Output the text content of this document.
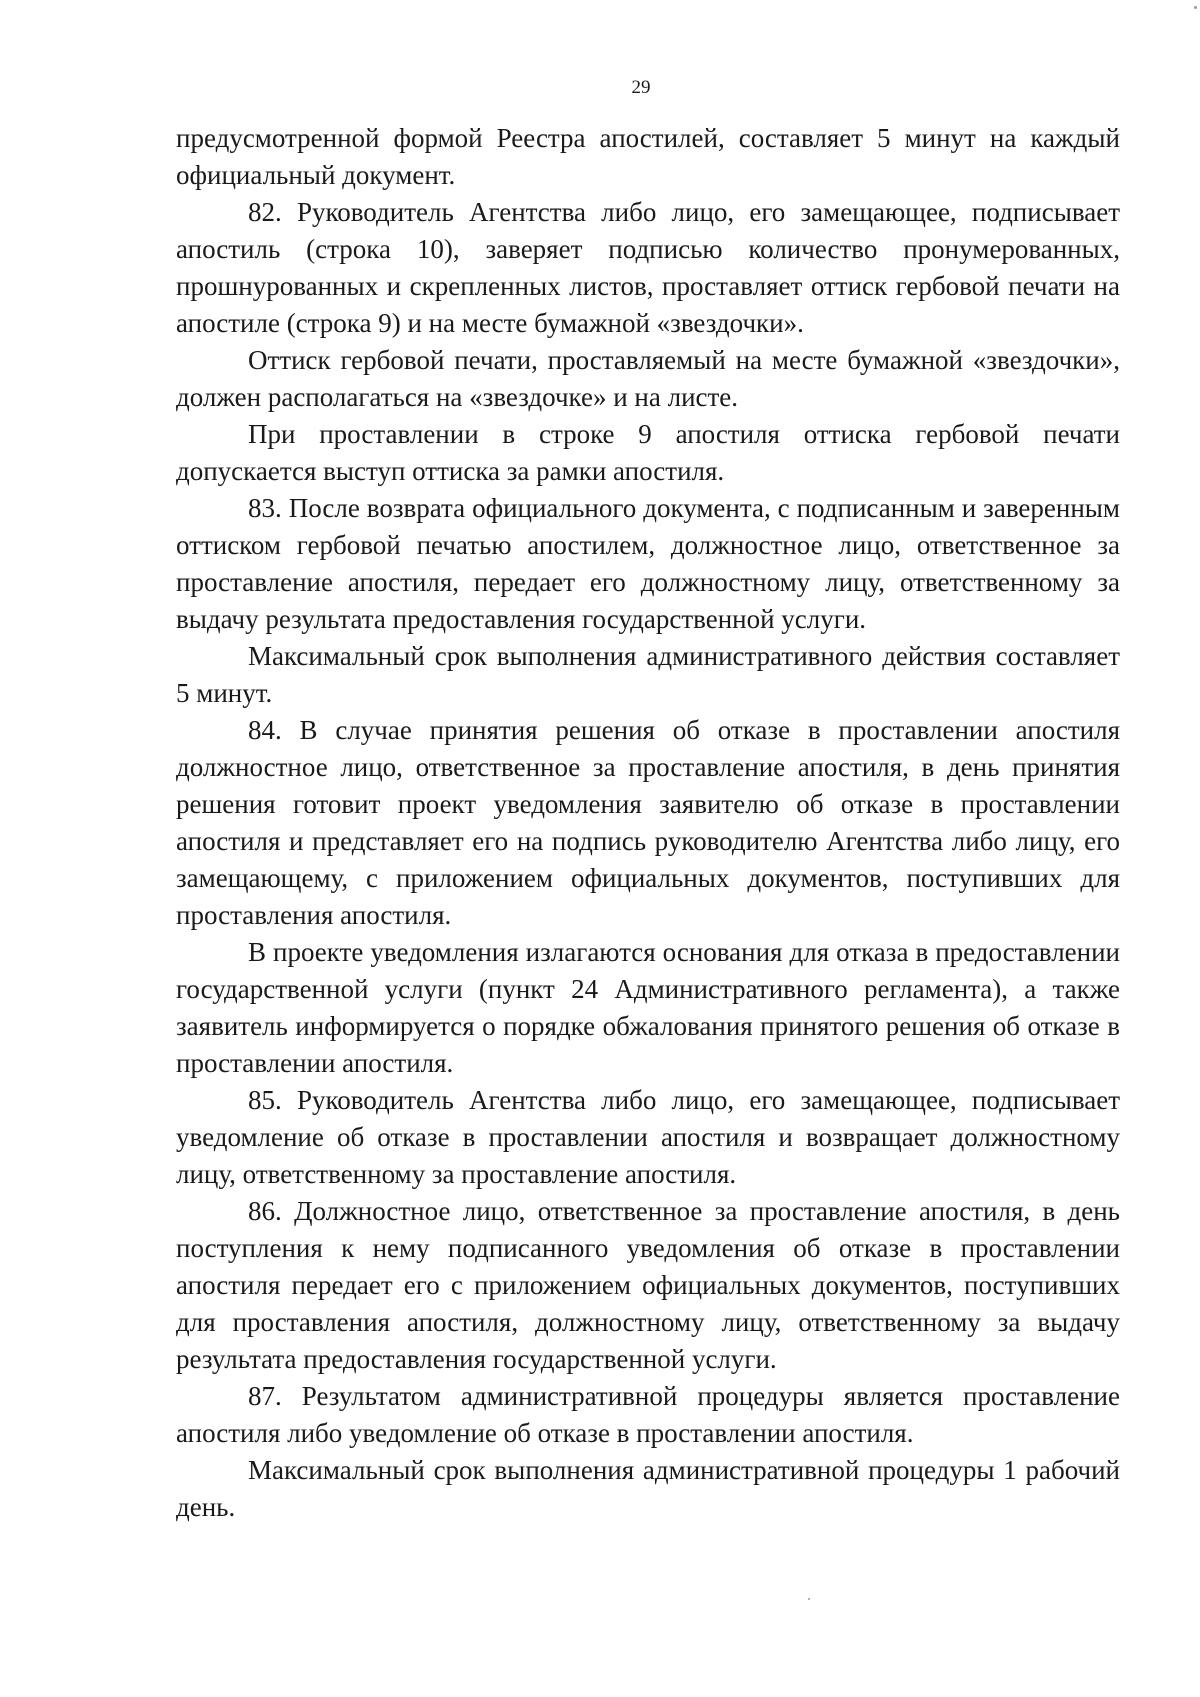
29

предусмотренной формой Реестра апостилей, составляет 5 минут на каждый официальный документ.

82. Руководитель Агентства либо лицо, его замещающее, подписывает апостиль (строка 10), заверяет подписью количество пронумерованных, прошнурованных и скрепленных листов, проставляет оттиск гербовой печати на апостиле (строка 9) и на месте бумажной «звездочки».

Оттиск гербовой печати, проставляемый на месте бумажной «звездочки», должен располагаться на «звездочке» и на листе.

При проставлении в строке 9 апостиля оттиска гербовой печати допускается выступ оттиска за рамки апостиля.

83. После возврата официального документа, с подписанным и заверенным оттиском гербовой печатью апостилем, должностное лицо, ответственное за проставление апостиля, передает его должностному лицу, ответственному за выдачу результата предоставления государственной услуги.

Максимальный срок выполнения административного действия составляет 5 минут.

84. В случае принятия решения об отказе в проставлении апостиля должностное лицо, ответственное за проставление апостиля, в день принятия решения готовит проект уведомления заявителю об отказе в проставлении апостиля и представляет его на подпись руководителю Агентства либо лицу, его замещающему, с приложением официальных документов, поступивших для проставления апостиля.

В проекте уведомления излагаются основания для отказа в предоставлении государственной услуги (пункт 24 Административного регламента), а также заявитель информируется о порядке обжалования принятого решения об отказе в проставлении апостиля.

85. Руководитель Агентства либо лицо, его замещающее, подписывает уведомление об отказе в проставлении апостиля и возвращает должностному лицу, ответственному за проставление апостиля.

86. Должностное лицо, ответственное за проставление апостиля, в день поступления к нему подписанного уведомления об отказе в проставлении апостиля передает его с приложением официальных документов, поступивших для проставления апостиля, должностному лицу, ответственному за выдачу результата предоставления государственной услуги.

87. Результатом административной процедуры является проставление апостиля либо уведомление об отказе в проставлении апостиля.

Максимальный срок выполнения административной процедуры 1 рабочий день.
